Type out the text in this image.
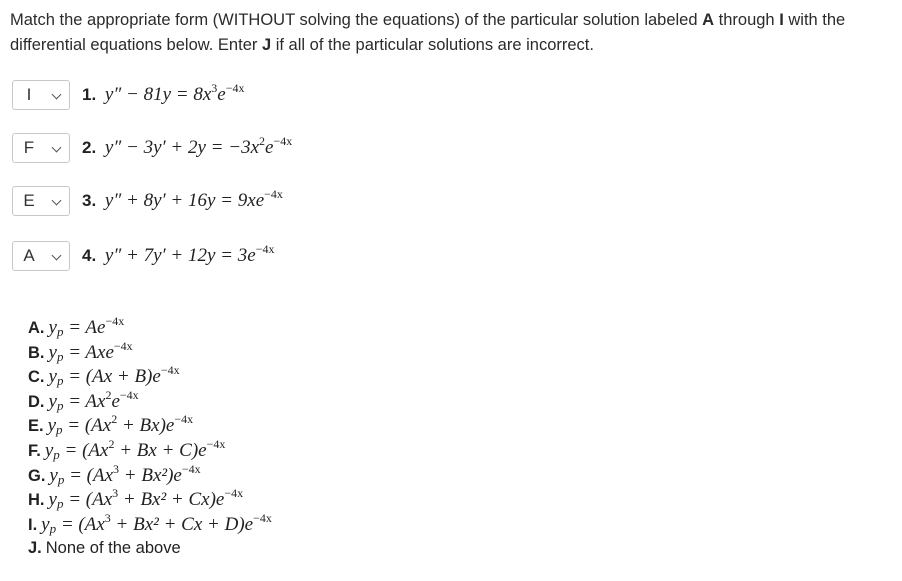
Match the appropriate form (WITHOUT solving the equations) of the particular solution labeled A through I with the differential equations below. Enter J if all of the particular solutions are incorrect.
I	1. $y'' - 81y = 8x^3e^{-4x}$
F	2. $y'' - 3y' + 2y = -3x^2e^{-4x}$
E	3. $y'' + 8y' + 16y = 9xe^{-4x}$
A	4. $y'' + 7y' + 12y = 3e^{-4x}$
A. $y_p = Ae^{-4x}$
B. $y_p = Axe^{-4x}$
C. $y_p = (Ax + B)e^{-4x}$
D. $y_p = Ax^2e^{-4x}$
E. $y_p = (Ax^2 + Bx)e^{-4x}$
F. $y_p = (Ax^2 + Bx + C)e^{-4x}$
G. $y_p = (Ax^3 + Bx^2)e^{-4x}$
H. $y_p = (Ax^3 + Bx^2 + Cx)e^{-4x}$
I. $y_p = (Ax^3 + Bx^2 + Cx + D)e^{-4x}$
J. None of the above
